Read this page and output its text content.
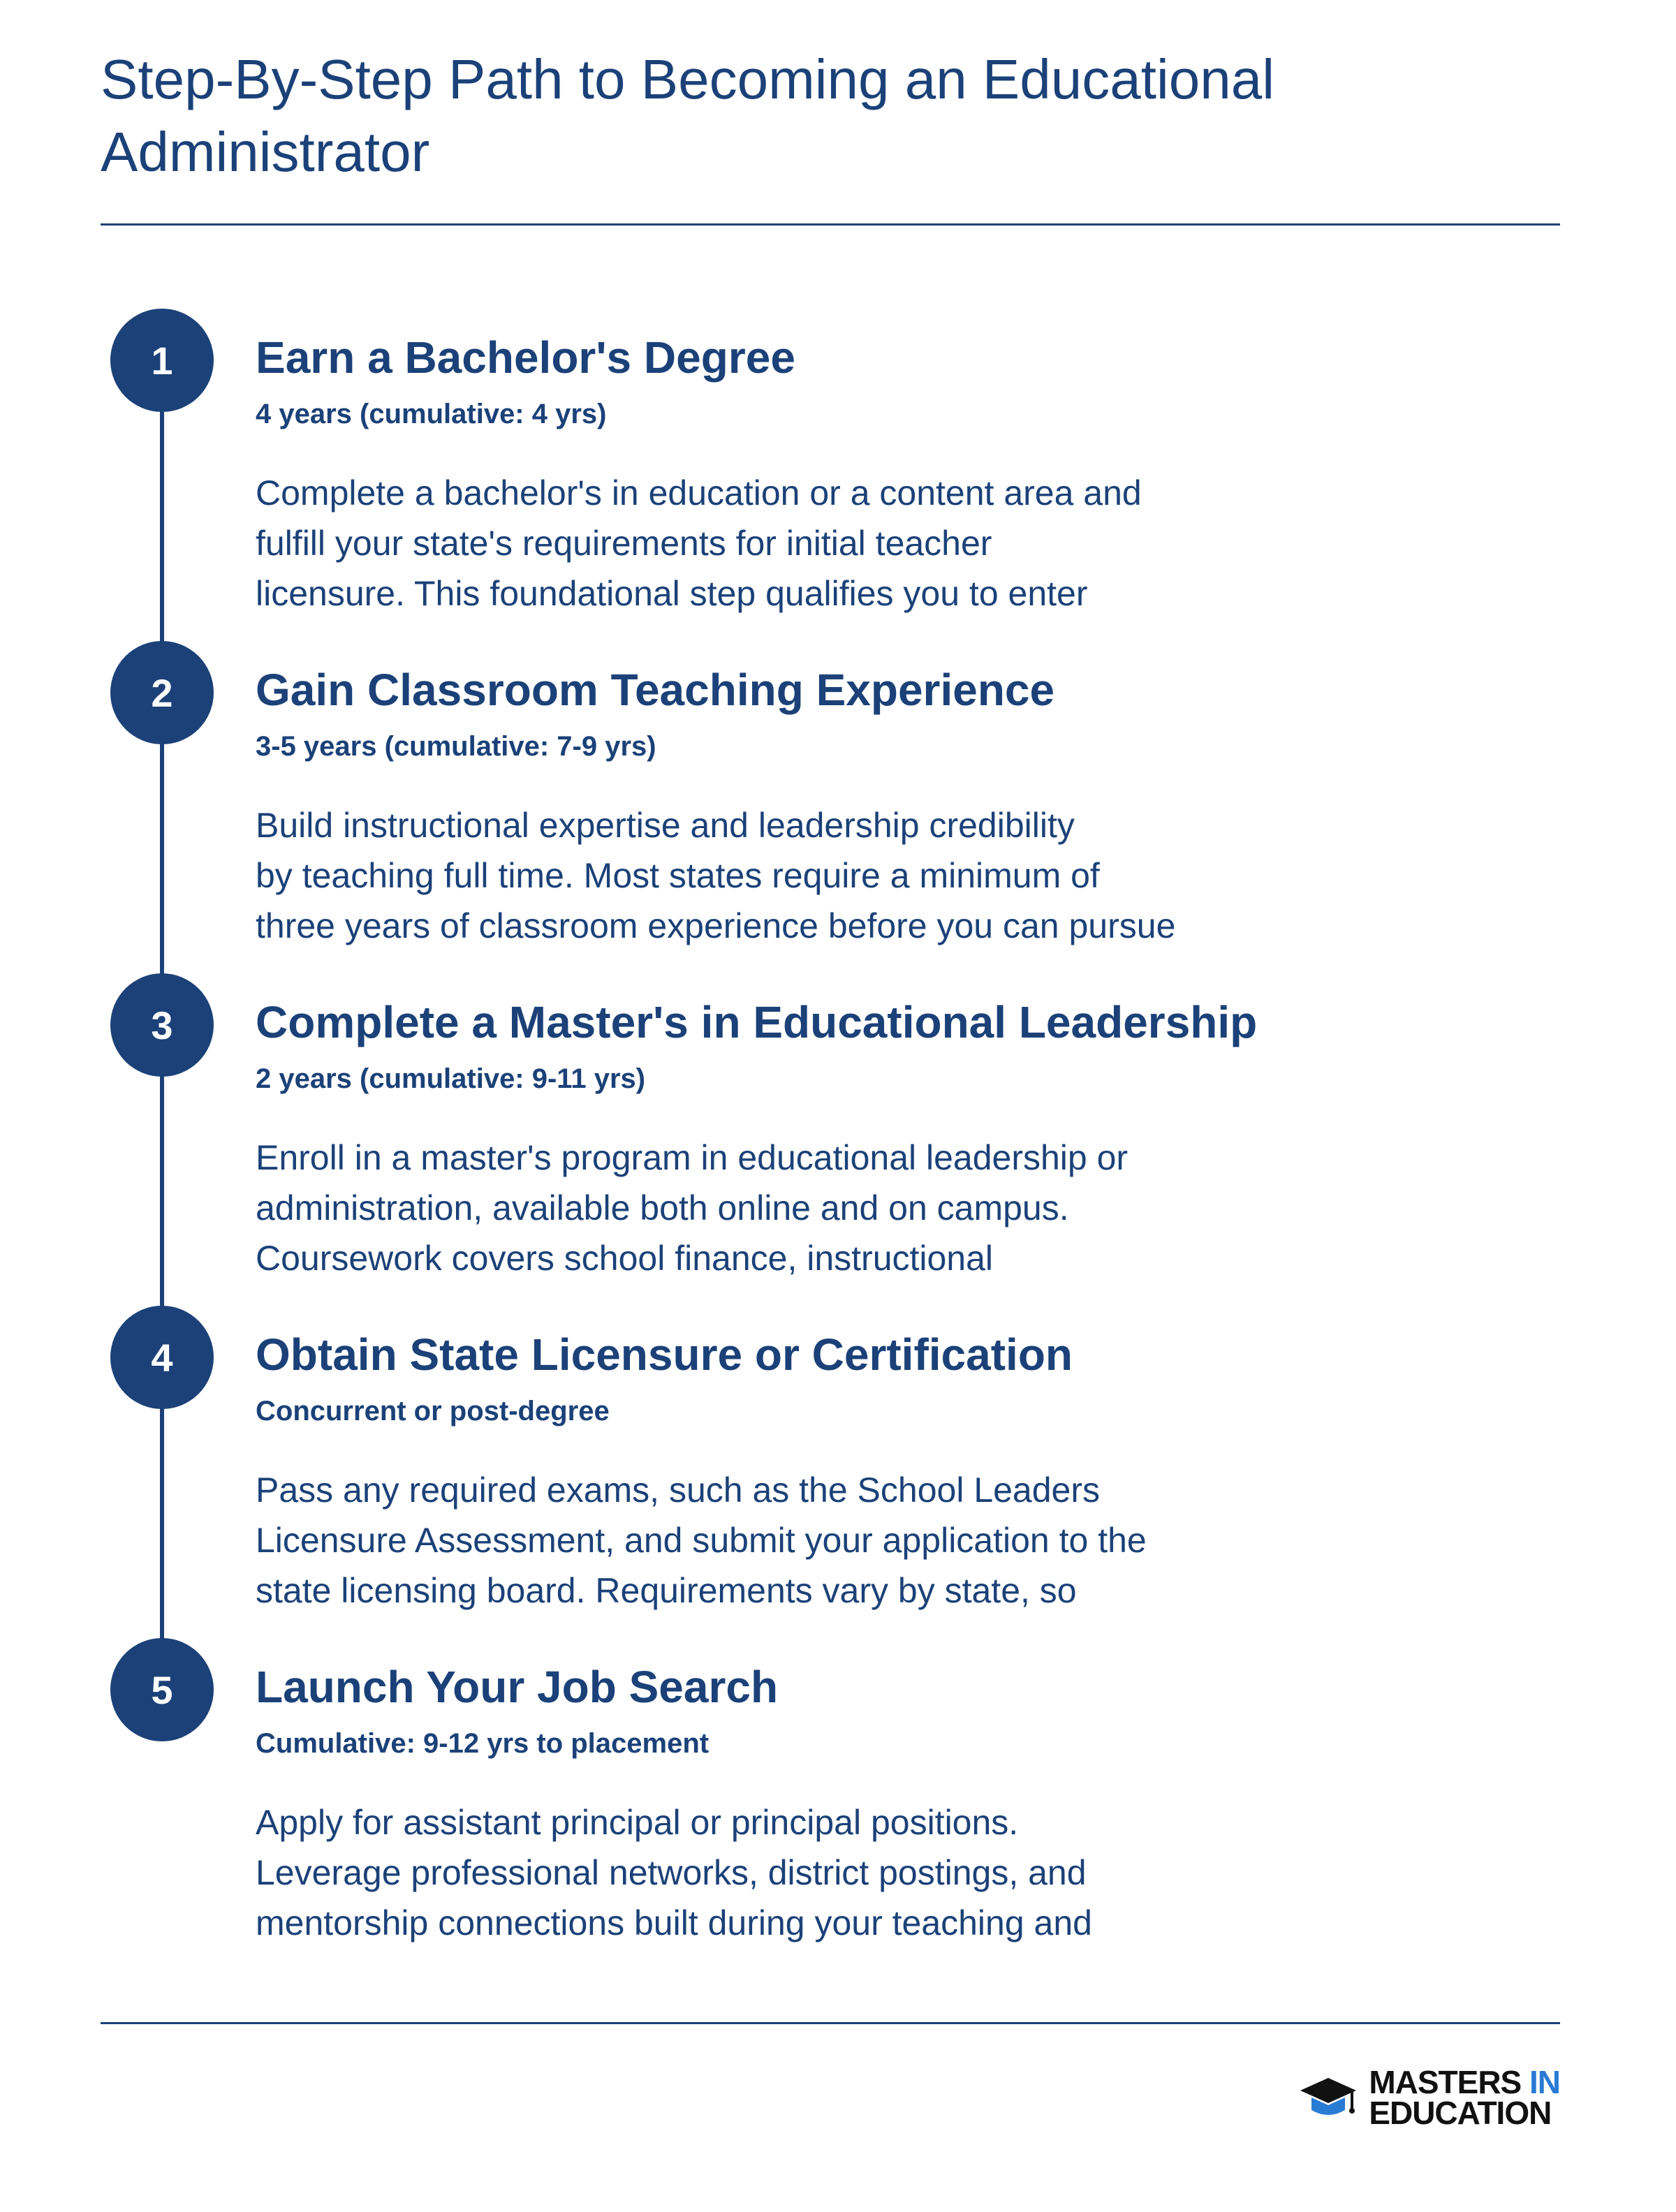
Step-By-Step Path to Becoming an Educational
Administrator
1	Earn a Bachelor's Degree
4 years (cumulative: 4 yrs)
Complete a bachelor's in education or a content area and
fulfill your state's requirements for initial teacher
licensure. This foundational step qualifies you to enter
2	Gain Classroom Teaching Experience
3-5 years (cumulative: 7-9 yrs)
Build instructional expertise and leadership credibility
by teaching full time. Most states require a minimum of
three years of classroom experience before you can pursue
3	Complete a Master's in Educational Leadership
2 years (cumulative: 9-11 yrs)
Enroll in a master's program in educational leadership or
administration, available both online and on campus.
Coursework covers school finance, instructional
4	Obtain State Licensure or Certification
Concurrent or post-degree
Pass any required exams, such as the School Leaders
Licensure Assessment, and submit your application to the
state licensing board. Requirements vary by state, so
5	Launch Your Job Search
Cumulative: 9-12 yrs to placement
Apply for assistant principal or principal positions.
Leverage professional networks, district postings, and
mentorship connections built during your teaching and
MASTERS IN
EDUCATION
